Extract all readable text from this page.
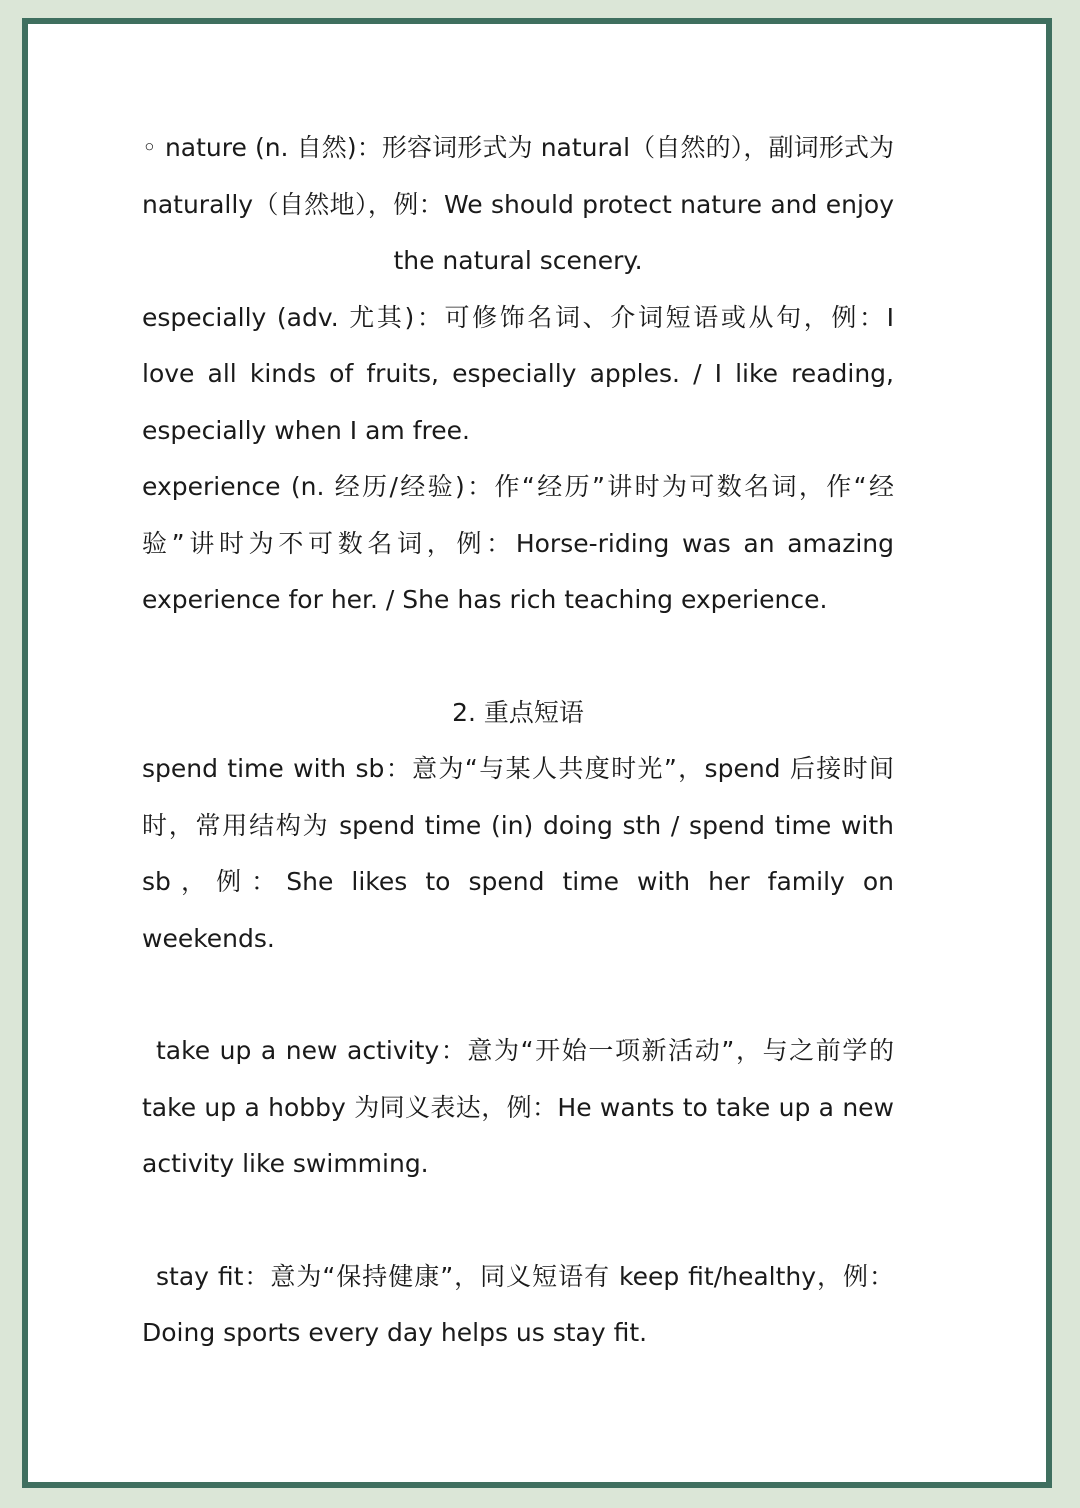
◦ nature (n. 自然)：形容词形式为 natural（自然的），副词形式为 naturally（自然地），例：We should protect nature and enjoy the natural scenery.

especially (adv. 尤其)：可修饰名词、介词短语或从句，例：I love all kinds of fruits, especially apples. / I like reading, especially when I am free.

experience (n. 经历/经验)：作“经历”讲时为可数名词，作“经验”讲时为不可数名词，例：Horse-riding was an amazing experience for her. / She has rich teaching experience.

2. 重点短语

spend time with sb：意为“与某人共度时光”，spend 后接时间时，常用结构为 spend time (in) doing sth / spend time with sb，例：She likes to spend time with her family on weekends.

take up a new activity：意为“开始一项新活动”，与之前学的 take up a hobby 为同义表达，例：He wants to take up a new activity like swimming.

stay fit：意为“保持健康”，同义短语有 keep fit/healthy，例：Doing sports every day helps us stay fit.
